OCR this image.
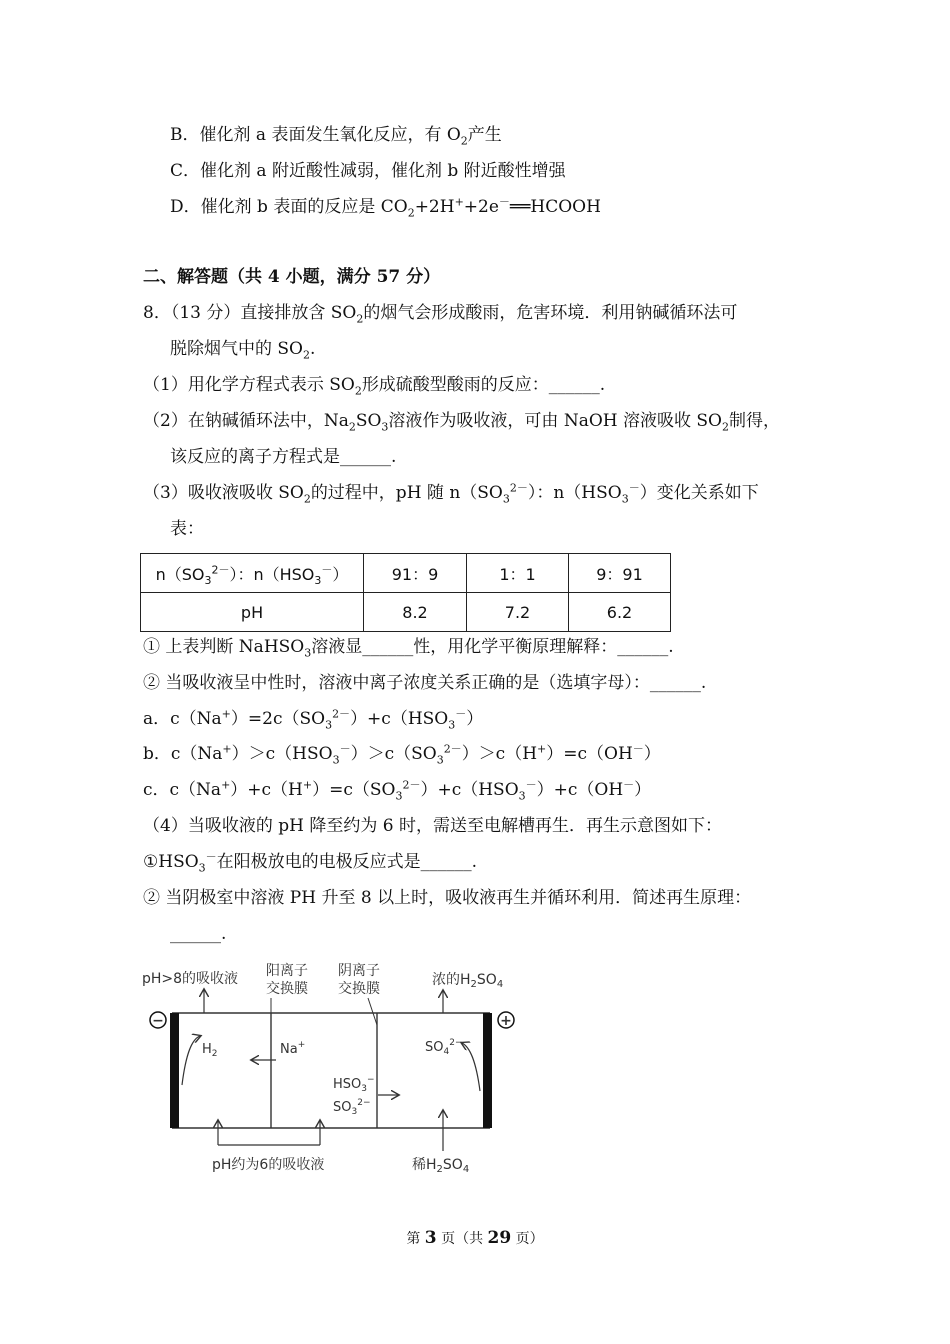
B．催化剂 a 表面发生氧化反应，有 $O_2$产生
C．催化剂 a 附近酸性减弱，催化剂 b 附近酸性增强
D．催化剂 b 表面的反应是 $CO_2+2H^++2e^-══HCOOH$
二、解答题（共 4 小题，满分 57 分）
8．（13 分）直接排放含 $SO_2$的烟气会形成酸雨，危害环境．利用钠碱循环法可
脱除烟气中的 $SO_2$.
（1）用化学方程式表示 $SO_2$形成硫酸型酸雨的反应：______.
（2）在钠碱循环法中，$Na_2SO_3$溶液作为吸收液，可由 NaOH 溶液吸收 $SO_2$制得，
该反应的离子方程式是______.
（3）吸收液吸收 $SO_2$的过程中，pH 随 $n(SO_3^{2-})$：$n(HSO_3^-)$变化关系如下
表：
$n(SO_3^{2-})$：$n(HSO_3^-)$	91：9	1：1	9：91
pH	8.2	7.2	6.2
① 上表判断 NaHSO$_3$溶液显______性，用化学平衡原理解释：______.
② 当吸收液呈中性时，溶液中离子浓度关系正确的是（选填字母）：______.
a．$c(Na^+)=2c(SO_3^{2-})+c(HSO_3^-)$
b．$c(Na^+)>c(HSO_3^-)>c(SO_3^{2-})>c(H^+)=c(OH^-)$
c．$c(Na^+)+c(H^+)=c(SO_3^{2-})+c(HSO_3^-)+c(OH^-)$
（4）当吸收液的 pH 降至约为 6 时，需送至电解槽再生．再生示意图如下：
$①HSO_3^-$在阳极放电的电极反应式是______.
② 当阴极室中溶液 PH 升至 8 以上时，吸收液再生并循环利用．简述再生原理：
______.
−	+
pH>8的吸收液 阳离子
交换膜
阴离子
交换膜
浓的$H_2SO_4$
$H_2$	Na+
$HSO_3^-$
$SO_3^{2-}$
$SO_4^{2-}$
pH约为6的吸收液	稀$H_2SO_4$
第 3 页（共 29 页）
